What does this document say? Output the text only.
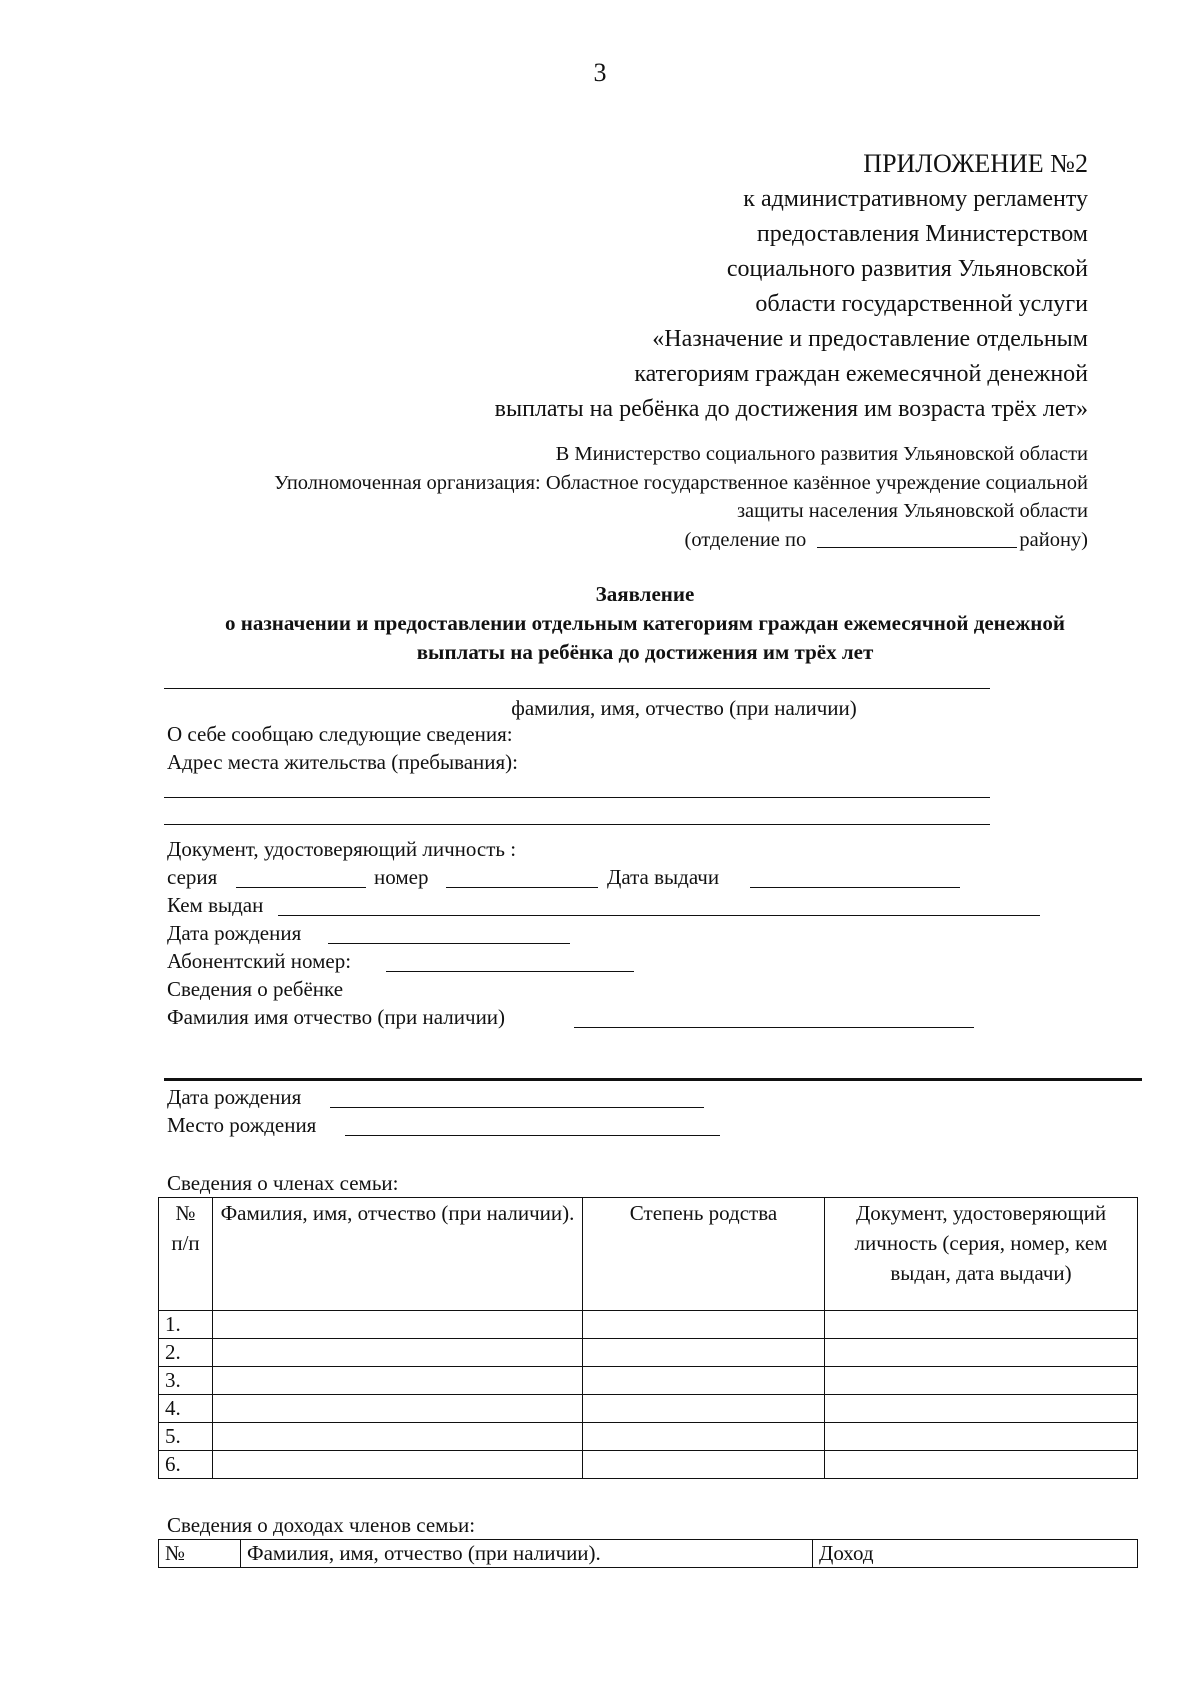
3
ПРИЛОЖЕНИЕ №2
к административному регламенту
предоставления Министерством
социального развития Ульяновской
области государственной услуги
«Назначение и предоставление отдельным
категориям граждан ежемесячной денежной
выплаты на ребёнка до достижения им возраста трёх лет»
В Министерство социального развития Ульяновской области
Уполномоченная организация: Областное государственное казённое учреждение социальной
защиты населения Ульяновской области
(отделение по	району)
Заявление
о назначении и предоставлении отдельным категориям граждан ежемесячной денежной
выплаты на ребёнка до достижения им трёх лет
фамилия, имя, отчество (при наличии)
О себе сообщаю следующие сведения:
Адрес места жительства (пребывания):
Документ, удостоверяющий личность :
серия	номер	Дата выдачи
Кем выдан
Дата рождения
Абонентский номер:
Сведения о ребёнке
Фамилия имя отчество (при наличии)
Дата рождения
Место рождения
Сведения о членах семьи:
№ п/п	Фамилия, имя, отчество (при наличии).	Степень родства	Документ, удостоверяющий личность (серия, номер, кем выдан, дата выдачи)
1.			
2.			
3.			
4.			
5.			
6.			
Сведения о доходах членов семьи:
№	Фамилия, имя, отчество (при наличии).	Доход
